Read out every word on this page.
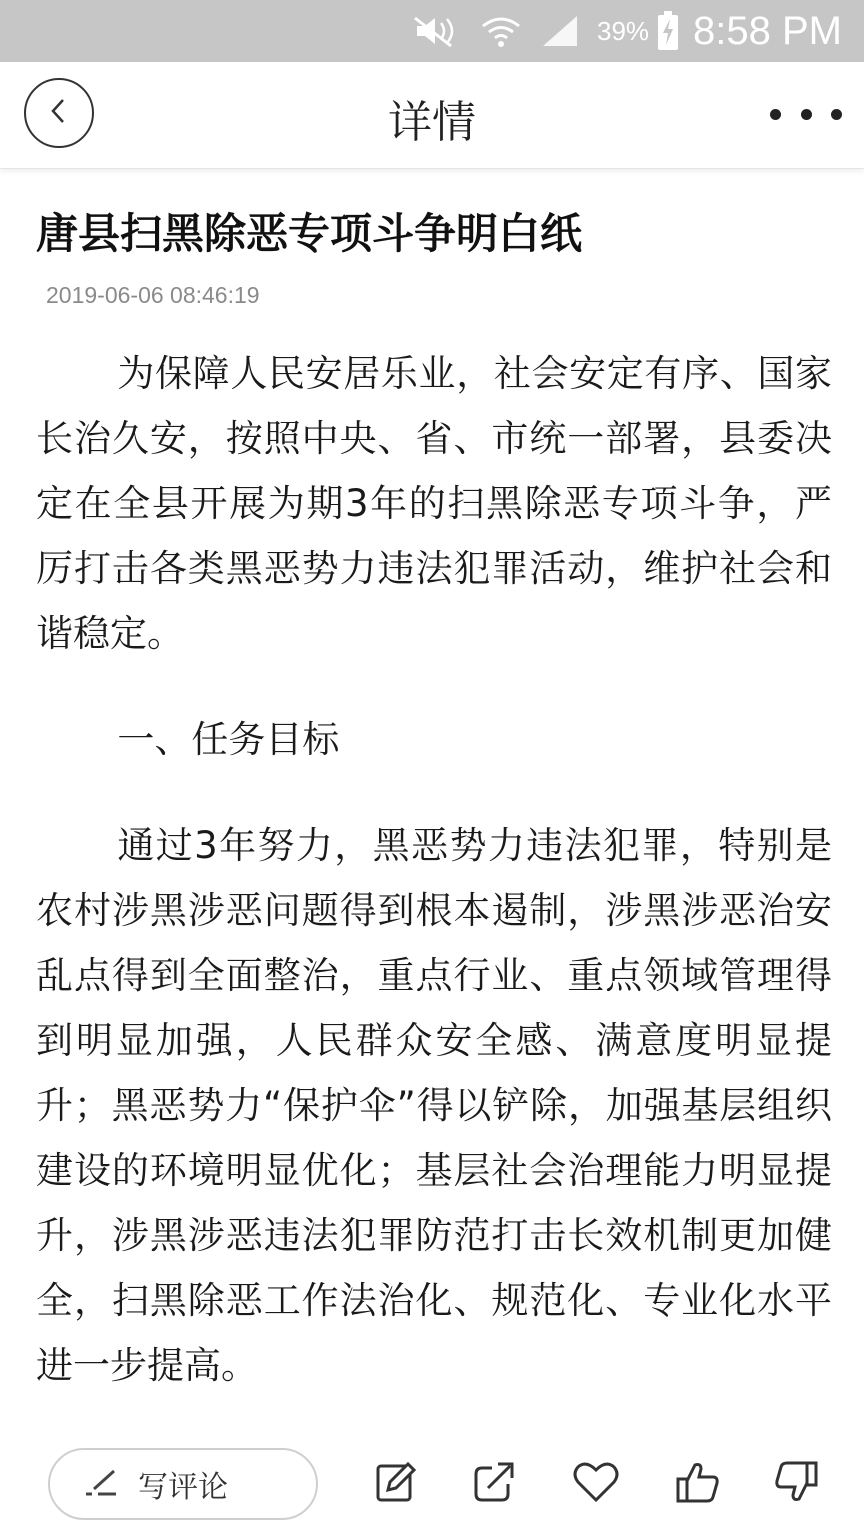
39% 8:58 PM
详情
唐县扫黑除恶专项斗争明白纸
2019-06-06 08:46:19

为保障人民安居乐业，社会安定有序、国家长治久安，按照中央、省、市统一部署，县委决定在全县开展为期3年的扫黑除恶专项斗争，严厉打击各类黑恶势力违法犯罪活动，维护社会和谐稳定。

一、任务目标

通过3年努力，黑恶势力违法犯罪，特别是农村涉黑涉恶问题得到根本遏制，涉黑涉恶治安乱点得到全面整治，重点行业、重点领域管理得到明显加强，人民群众安全感、满意度明显提升；黑恶势力“保护伞”得以铲除，加强基层组织建设的环境明显优化；基层社会治理能力明显提升，涉黑涉恶违法犯罪防范打击长效机制更加健全，扫黑除恶工作法治化、规范化、专业化水平进一步提高。

写评论
